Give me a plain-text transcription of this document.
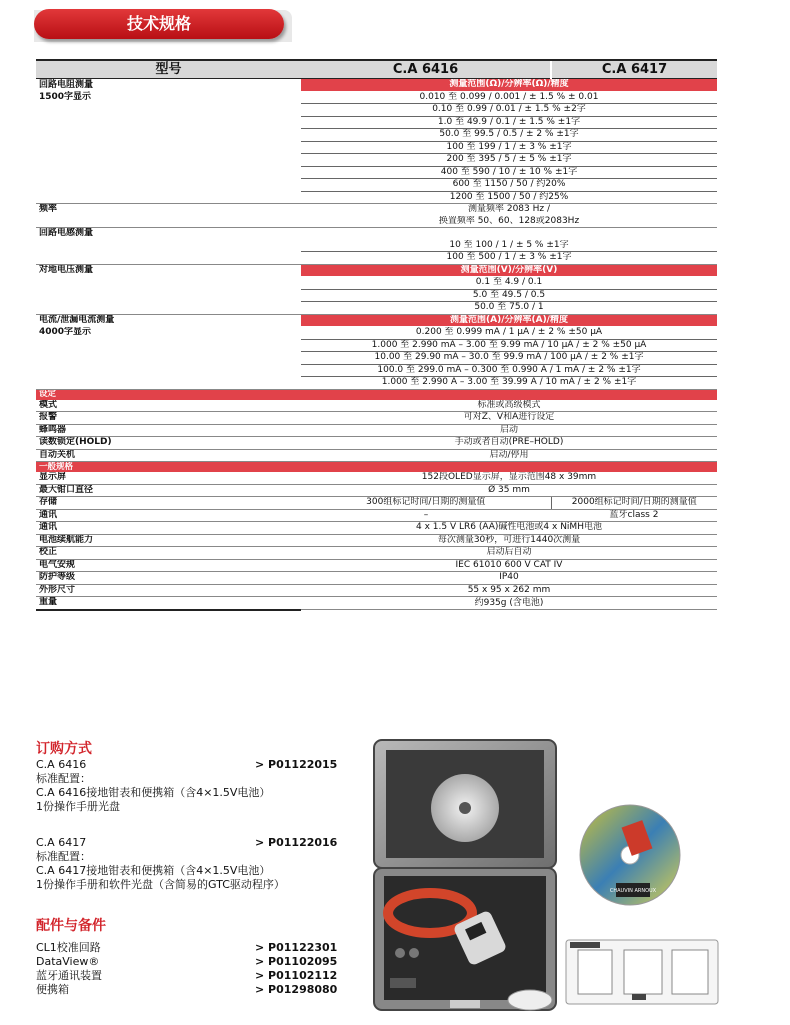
技术规格
型号	C.A 6416	C.A 6417
回路电阻测量	测量范围(Ω)/分辨率(Ω)/精度	
1500字显示	0.010 至 0.099 / 0.001 / ± 1.5 % ± 0.01	
	0.10 至 0.99 / 0.01 / ± 1.5 % ±2字	
	1.0 至 49.9 / 0.1 / ± 1.5 % ±1字	
	50.0 至 99.5 / 0.5 / ± 2 % ±1字	
	100 至 199 / 1 / ± 3 % ±1字	
	200 至 395 / 5 / ± 5 % ±1字	
	400 至 590 / 10 / ± 10 % ±1字	
	600 至 1150 / 50 / 约20%	
	1200 至 1500 / 50 / 约25%	
频率	测量频率 2083 Hz /	
	换置频率 50、60、128或2083Hz	
回路电感测量		
	10 至 100 / 1 / ± 5 % ±1字	
	100 至 500 / 1 / ± 3 % ±1字	
对地电压测量	测量范围(V)/分辨率(V)	
	0.1 至 4.9 / 0.1	
	5.0 至 49.5 / 0.5	
	50.0 至 75.0 / 1	
电流/泄漏电流测量	测量范围(A)/分辨率(A)/精度	
4000字显示	0.200 至 0.999 mA / 1 μA / ± 2 % ±50 μA	
	1.000 至 2.990 mA – 3.00 至 9.99 mA / 10 μA / ± 2 % ±50 μA	
	10.00 至 29.90 mA – 30.0 至 99.9 mA / 100 μA / ± 2 % ±1字	
	100.0 至 299.0 mA – 0.300 至 0.990 A / 1 mA / ± 2 % ±1字	
	1.000 至 2.990 A – 3.00 至 39.99 A / 10 mA / ± 2 % ±1字	
设定		
模式	标准或高级模式	
报警	可对Z、V和A进行设定	
蜂鸣器	启动	
读数锁定(HOLD)	手动或者自动(PRE–HOLD)	
自动关机	启动/停用	
一般规格		
显示屏	152段OLED显示屏，显示范围48 x 39mm	
最大钳口直径	Ø 35 mm	
存储	300组标记时间/日期的测量值	2000组标记时间/日期的测量值
通讯	–	蓝牙class 2
通讯	4 x 1.5 V LR6 (AA)碱性电池或4 x NiMH电池	
电池续航能力	每次测量30秒，可进行1440次测量	
校正	启动后自动	
电气安规	IEC 61010 600 V CAT IV	
防护等级	IP40	
外形尺寸	55 x 95 x 262 mm	
重量	约935g (含电池)	
订购方式
C.A 6416	> P01122015
标准配置：
C.A 6416接地钳表和便携箱（含4×1.5V电池）
1份操作手册光盘
C.A 6417	> P01122016
标准配置：
C.A 6417接地钳表和便携箱（含4×1.5V电池）
1份操作手册和软件光盘（含简易的GTC驱动程序）
配件与备件
CL1校准回路	> P01122301
DataView®	> P01102095
蓝牙通讯装置	> P01102112
便携箱	> P01298080
CHAUVIN ARNOUX
